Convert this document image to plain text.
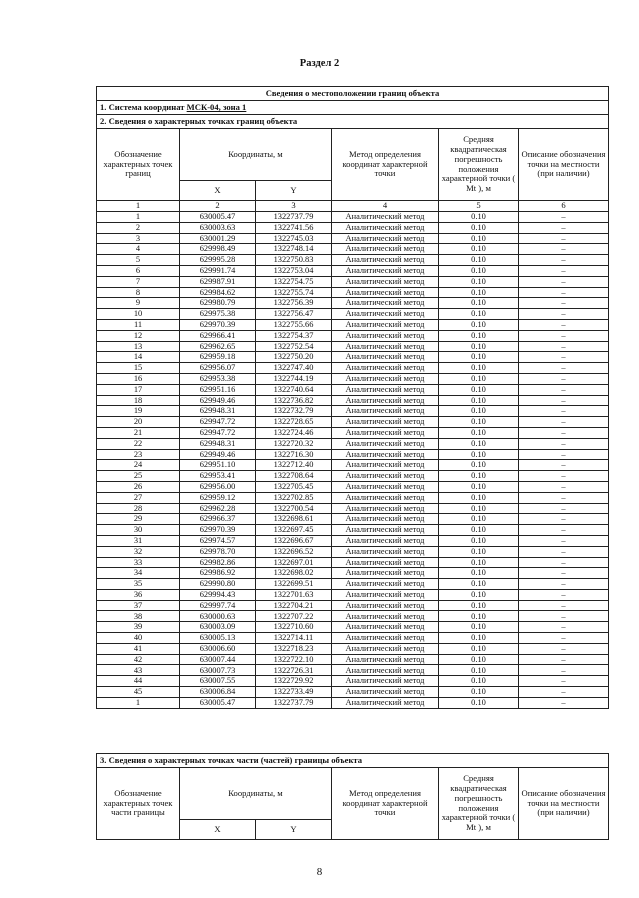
Раздел 2
Сведения о местоположении границ объекта					
1. Система координат МСК-04, зона 1					
2. Сведения о характерных точках границ объекта					
Обозначение характерных точек границ	Координаты, м		Метод определения координат характерной точки	Средняя квадратическая погрешность положения характерной точки ( Mt ), м	Описание обозначения точки на местности (при наличии)
	X	Y			
1	2	3	4	5	6
1	630005.47	1322737.79	Аналитический метод	0.10	–
2	630003.63	1322741.56	Аналитический метод	0.10	–
3	630001.29	1322745.03	Аналитический метод	0.10	–
4	629998.49	1322748.14	Аналитический метод	0.10	–
5	629995.28	1322750.83	Аналитический метод	0.10	–
6	629991.74	1322753.04	Аналитический метод	0.10	–
7	629987.91	1322754.75	Аналитический метод	0.10	–
8	629984.62	1322755.74	Аналитический метод	0.10	–
9	629980.79	1322756.39	Аналитический метод	0.10	–
10	629975.38	1322756.47	Аналитический метод	0.10	–
11	629970.39	1322755.66	Аналитический метод	0.10	–
12	629966.41	1322754.37	Аналитический метод	0.10	–
13	629962.65	1322752.54	Аналитический метод	0.10	–
14	629959.18	1322750.20	Аналитический метод	0.10	–
15	629956.07	1322747.40	Аналитический метод	0.10	–
16	629953.38	1322744.19	Аналитический метод	0.10	–
17	629951.16	1322740.64	Аналитический метод	0.10	–
18	629949.46	1322736.82	Аналитический метод	0.10	–
19	629948.31	1322732.79	Аналитический метод	0.10	–
20	629947.72	1322728.65	Аналитический метод	0.10	–
21	629947.72	1322724.46	Аналитический метод	0.10	–
22	629948.31	1322720.32	Аналитический метод	0.10	–
23	629949.46	1322716.30	Аналитический метод	0.10	–
24	629951.10	1322712.40	Аналитический метод	0.10	–
25	629953.41	1322708.64	Аналитический метод	0.10	–
26	629956.00	1322705.45	Аналитический метод	0.10	–
27	629959.12	1322702.85	Аналитический метод	0.10	–
28	629962.28	1322700.54	Аналитический метод	0.10	–
29	629966.37	1322698.61	Аналитический метод	0.10	–
30	629970.39	1322697.45	Аналитический метод	0.10	–
31	629974.57	1322696.67	Аналитический метод	0.10	–
32	629978.70	1322696.52	Аналитический метод	0.10	–
33	629982.86	1322697.01	Аналитический метод	0.10	–
34	629986.92	1322698.02	Аналитический метод	0.10	–
35	629990.80	1322699.51	Аналитический метод	0.10	–
36	629994.43	1322701.63	Аналитический метод	0.10	–
37	629997.74	1322704.21	Аналитический метод	0.10	–
38	630000.63	1322707.22	Аналитический метод	0.10	–
39	630003.09	1322710.60	Аналитический метод	0.10	–
40	630005.13	1322714.11	Аналитический метод	0.10	–
41	630006.60	1322718.23	Аналитический метод	0.10	–
42	630007.44	1322722.10	Аналитический метод	0.10	–
43	630007.73	1322726.31	Аналитический метод	0.10	–
44	630007.55	1322729.92	Аналитический метод	0.10	–
45	630006.84	1322733.49	Аналитический метод	0.10	–
1	630005.47	1322737.79	Аналитический метод	0.10	–
3. Сведения о характерных точках части (частей) границы объекта					
Обозначение характерных точек части границы	Координаты, м		Метод определения координат характерной точки	Средняя квадратическая погрешность положения характерной точки ( Mt ), м	Описание обозначения точки на местности (при наличии)
	X	Y			
8
